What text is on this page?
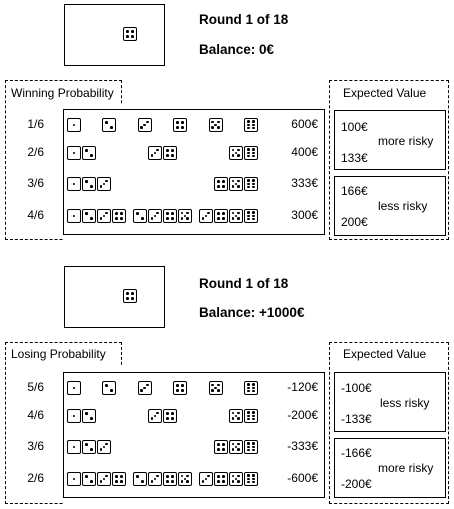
Round 1 of 18
Balance: 0€
Winning Probability	Expected Value
1/6	600€
2/6	400€
3/6	333€
4/6	300€
100€
more risky
133€
166€
less risky
200€
Round 1 of 18
Balance: +1000€
Losing Probability	Expected Value
5/6	-120€
4/6	-200€
3/6	-333€
2/6	-600€
-100€
less risky
-133€
-166€
more risky
-200€
